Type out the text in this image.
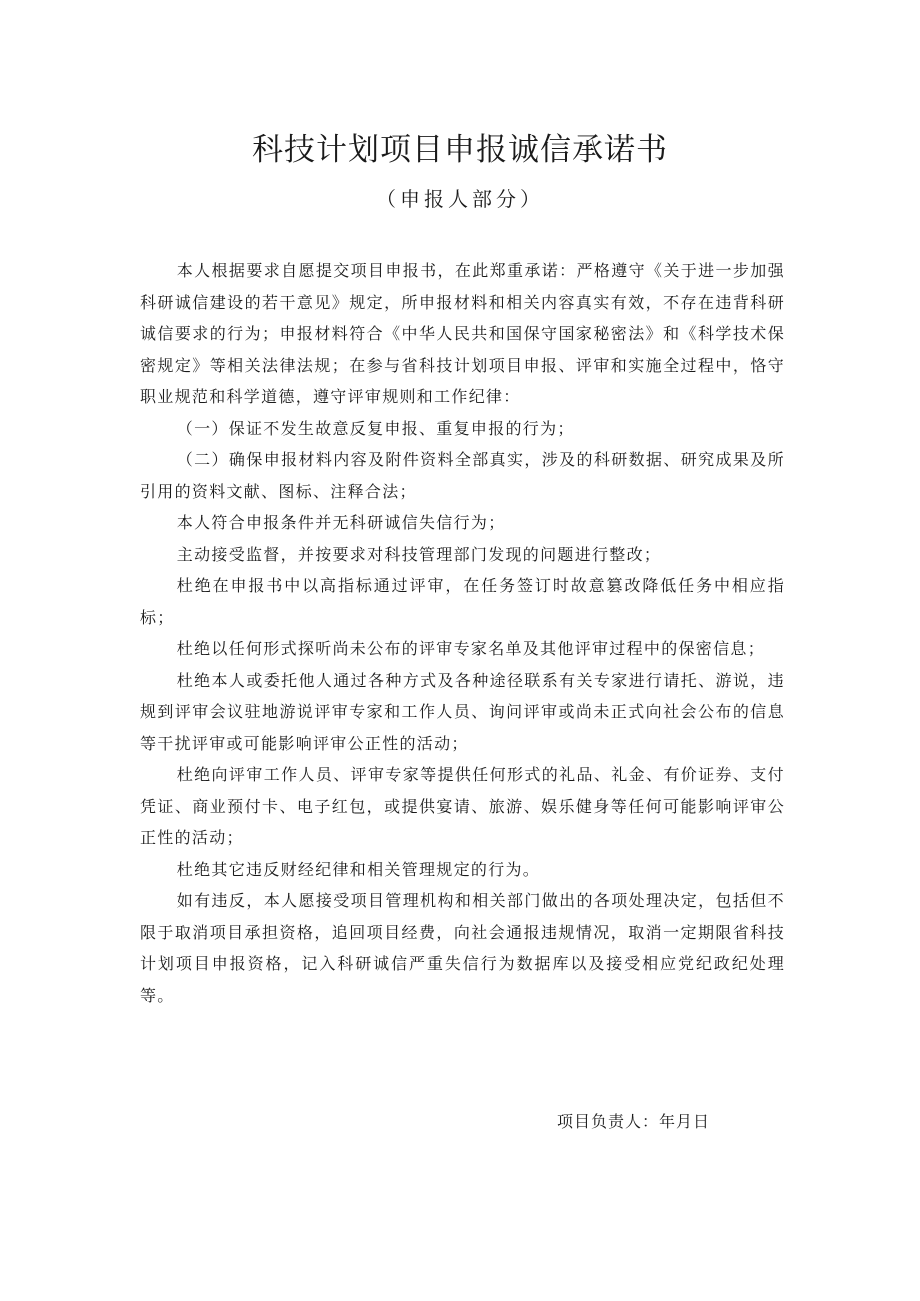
科技计划项目申报诚信承诺书

（申报人部分）

本人根据要求自愿提交项目申报书，在此郑重承诺：严格遵守《关于进一步加强科研诚信建设的若干意见》规定，所申报材料和相关内容真实有效，不存在违背科研诚信要求的行为；申报材料符合《中华人民共和国保守国家秘密法》和《科学技术保密规定》等相关法律法规；在参与省科技计划项目申报、评审和实施全过程中，恪守职业规范和科学道德，遵守评审规则和工作纪律：

（一）保证不发生故意反复申报、重复申报的行为；

（二）确保申报材料内容及附件资料全部真实，涉及的科研数据、研究成果及所引用的资料文献、图标、注释合法；

本人符合申报条件并无科研诚信失信行为；

主动接受监督，并按要求对科技管理部门发现的问题进行整改；

杜绝在申报书中以高指标通过评审，在任务签订时故意篡改降低任务中相应指标；

杜绝以任何形式探听尚未公布的评审专家名单及其他评审过程中的保密信息；

杜绝本人或委托他人通过各种方式及各种途径联系有关专家进行请托、游说，违规到评审会议驻地游说评审专家和工作人员、询问评审或尚未正式向社会公布的信息等干扰评审或可能影响评审公正性的活动；

杜绝向评审工作人员、评审专家等提供任何形式的礼品、礼金、有价证券、支付凭证、商业预付卡、电子红包，或提供宴请、旅游、娱乐健身等任何可能影响评审公正性的活动；

杜绝其它违反财经纪律和相关管理规定的行为。

如有违反，本人愿接受项目管理机构和相关部门做出的各项处理决定，包括但不限于取消项目承担资格，追回项目经费，向社会通报违规情况，取消一定期限省科技计划项目申报资格，记入科研诚信严重失信行为数据库以及接受相应党纪政纪处理等。

项目负责人：年月日
